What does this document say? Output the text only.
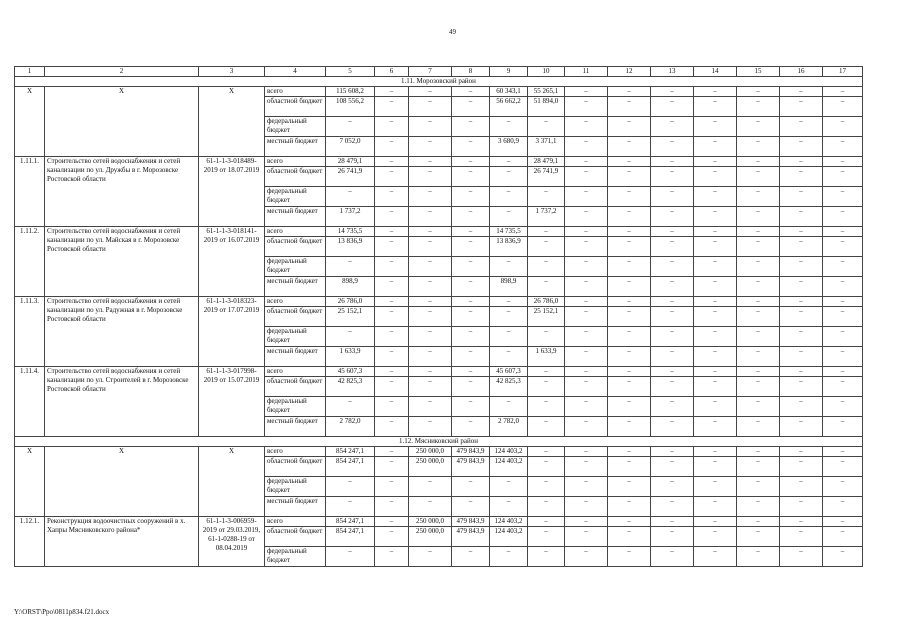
49
1	2	3	4	5	6	7	8	9	10	11	12	13	14	15	16	17
1.11. Морозовский район																
Х	Х	Х	всего	115 608,2	–	–	–	60 343,1	55 265,1	–	–	–	–	–	–	–
			областной бюджет	108 556,2	–	–	–	56 662,2	51 894,0	–	–	–	–	–	–	–
			федеральный бюджет	–	–	–	–	–	–	–	–	–	–	–	–	–
			местный бюджет	7 052,0	–	–	–	3 680,9	3 371,1	–	–	–	–	–	–	–
1.11.1.	Строительство сетей водоснабжения и сетей канализации по ул. Дружбы в г. Морозовске Ростовской области	61-1-1-3-018489-2019 от 18.07.2019	всего	28 479,1	–	–	–	–	28 479,1	–	–	–	–	–	–	–
			областной бюджет	26 741,9	–	–	–	–	26 741,9	–	–	–	–	–	–	–
			федеральный бюджет	–	–	–	–	–	–	–	–	–	–	–	–	–
			местный бюджет	1 737,2	–	–	–	–	1 737,2	–	–	–	–	–	–	–
1.11.2.	Строительство сетей водоснабжения и сетей канализации по ул. Майская в г. Морозовске Ростовской области	61-1-1-3-018141-2019 от 16.07.2019	всего	14 735,5	–	–	–	14 735,5	–	–	–	–	–	–	–	–
			областной бюджет	13 836,9	–	–	–	13 836,9	–	–	–	–	–	–	–	–
			федеральный бюджет	–	–	–	–	–	–	–	–	–	–	–	–	–
			местный бюджет	898,9	–	–	–	898,9	–	–	–	–	–	–	–	–
1.11.3.	Строительство сетей водоснабжения и сетей канализации по ул. Радужная в г. Морозовске Ростовской области	61-1-1-3-018323-2019 от 17.07.2019	всего	26 786,0	–	–	–	–	26 786,0	–	–	–	–	–	–	–
			областной бюджет	25 152,1	–	–	–	–	25 152,1	–	–	–	–	–	–	–
			федеральный бюджет	–	–	–	–	–	–	–	–	–	–	–	–	–
			местный бюджет	1 633,9	–	–	–	–	1 633,9	–	–	–	–	–	–	–
1.11.4.	Строительство сетей водоснабжения и сетей канализации по ул. Строителей в г. Морозовске Ростовской области	61-1-1-3-017998-2019 от 15.07.2019	всего	45 607,3	–	–	–	45 607,3	–	–	–	–	–	–	–	–
			областной бюджет	42 825,3	–	–	–	42 825,3	–	–	–	–	–	–	–	–
			федеральный бюджет	–	–	–	–	–	–	–	–	–	–	–	–	–
			местный бюджет	2 782,0	–	–	–	2 782,0	–	–	–	–	–	–	–	–
1.12. Мясниковский район																
Х	Х	Х	всего	854 247,1	–	250 000,0	479 843,9	124 403,2	–	–	–	–	–	–	–	–
			областной бюджет	854 247,1	–	250 000,0	479 843,9	124 403,2	–	–	–	–	–	–	–	–
			федеральный бюджет	–	–	–	–	–	–	–	–	–	–	–	–	–
			местный бюджет	–	–	–	–	–	–	–	–	–	–	–	–	–
1.12.1.	Реконструкция водоочистных сооружений в х. Хапры Мясниковского района*	61-1-1-3-006959-2019 от 29.03.2019, 61-1-0288-19 от 08.04.2019	всего	854 247,1	–	250 000,0	479 843,9	124 403,2	–	–	–	–	–	–	–	–
			областной бюджет	854 247,1	–	250 000,0	479 843,9	124 403,2	–	–	–	–	–	–	–	–
			федеральный бюджет	–	–	–	–	–	–	–	–	–	–	–	–	–
Y:\ORST\Ppo\0811p834.f21.docx
